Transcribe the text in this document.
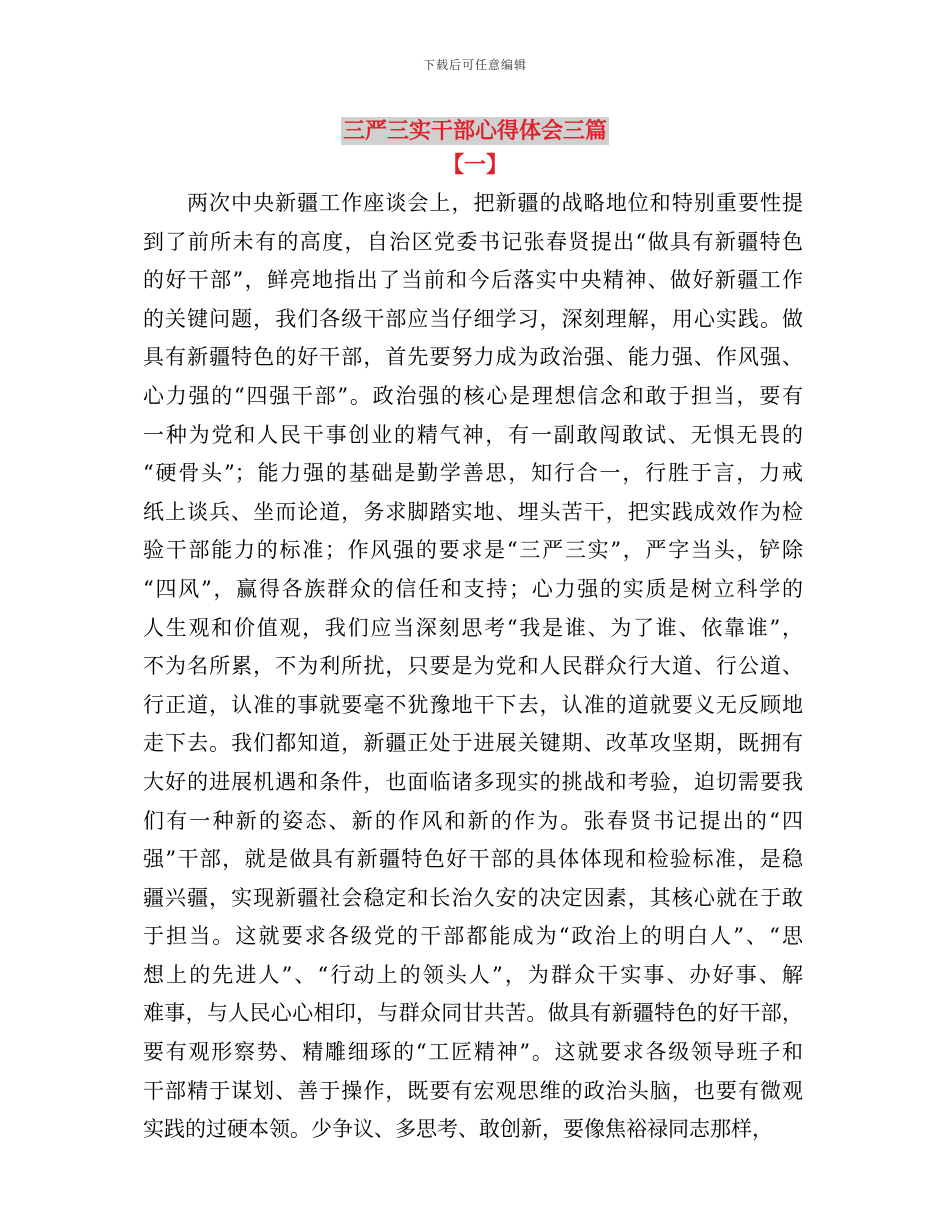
下载后可任意编辑
三严三实干部心得体会三篇
【一】
两次中央新疆工作座谈会上，把新疆的战略地位和特别重要性提
到了前所未有的高度，自治区党委书记张春贤提出“做具有新疆特色
的好干部”，鲜亮地指出了当前和今后落实中央精神、做好新疆工作
的关键问题，我们各级干部应当仔细学习，深刻理解，用心实践。做
具有新疆特色的好干部，首先要努力成为政治强、能力强、作风强、
心力强的“四强干部”。政治强的核心是理想信念和敢于担当，要有
一种为党和人民干事创业的精气神，有一副敢闯敢试、无惧无畏的
“硬骨头”；能力强的基础是勤学善思，知行合一，行胜于言，力戒
纸上谈兵、坐而论道，务求脚踏实地、埋头苦干，把实践成效作为检
验干部能力的标准；作风强的要求是“三严三实”，严字当头，铲除
“四风”，赢得各族群众的信任和支持；心力强的实质是树立科学的
人生观和价值观，我们应当深刻思考“我是谁、为了谁、依靠谁”，
不为名所累，不为利所扰，只要是为党和人民群众行大道、行公道、
行正道，认准的事就要毫不犹豫地干下去，认准的道就要义无反顾地
走下去。我们都知道，新疆正处于进展关键期、改革攻坚期，既拥有
大好的进展机遇和条件，也面临诸多现实的挑战和考验，迫切需要我
们有一种新的姿态、新的作风和新的作为。张春贤书记提出的“四
强”干部，就是做具有新疆特色好干部的具体体现和检验标准，是稳
疆兴疆，实现新疆社会稳定和长治久安的决定因素，其核心就在于敢
于担当。这就要求各级党的干部都能成为“政治上的明白人”、“思
想上的先进人”、“行动上的领头人”，为群众干实事、办好事、解
难事，与人民心心相印，与群众同甘共苦。做具有新疆特色的好干部，
要有观形察势、精雕细琢的“工匠精神”。这就要求各级领导班子和
干部精于谋划、善于操作，既要有宏观思维的政治头脑，也要有微观
实践的过硬本领。少争议、多思考、敢创新，要像焦裕禄同志那样，
